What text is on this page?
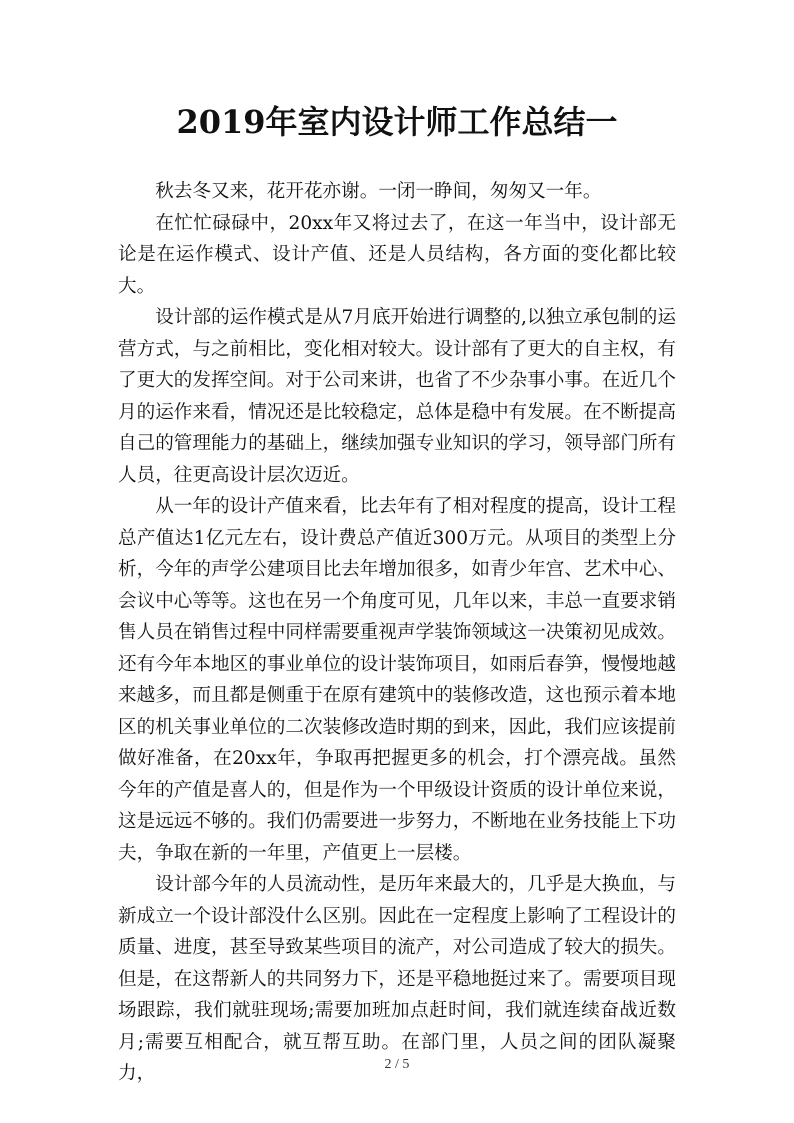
2019年室内设计师工作总结一

秋去冬又来，花开花亦谢。一闭一睁间，匆匆又一年。

在忙忙碌碌中，20xx年又将过去了，在这一年当中，设计部无论是在运作模式、设计产值、还是人员结构，各方面的变化都比较大。

设计部的运作模式是从7月底开始进行调整的,以独立承包制的运营方式，与之前相比，变化相对较大。设计部有了更大的自主权，有了更大的发挥空间。对于公司来讲，也省了不少杂事小事。在近几个月的运作来看，情况还是比较稳定，总体是稳中有发展。在不断提高自己的管理能力的基础上，继续加强专业知识的学习，领导部门所有人员，往更高设计层次迈近。

从一年的设计产值来看，比去年有了相对程度的提高，设计工程总产值达1亿元左右，设计费总产值近300万元。从项目的类型上分析，今年的声学公建项目比去年增加很多，如青少年宫、艺术中心、会议中心等等。这也在另一个角度可见，几年以来，丰总一直要求销售人员在销售过程中同样需要重视声学装饰领域这一决策初见成效。还有今年本地区的事业单位的设计装饰项目，如雨后春笋，慢慢地越来越多，而且都是侧重于在原有建筑中的装修改造，这也预示着本地区的机关事业单位的二次装修改造时期的到来，因此，我们应该提前做好准备，在20xx年，争取再把握更多的机会，打个漂亮战。虽然今年的产值是喜人的，但是作为一个甲级设计资质的设计单位来说，这是远远不够的。我们仍需要进一步努力，不断地在业务技能上下功夫，争取在新的一年里，产值更上一层楼。

设计部今年的人员流动性，是历年来最大的，几乎是大换血，与新成立一个设计部没什么区别。因此在一定程度上影响了工程设计的质量、进度，甚至导致某些项目的流产，对公司造成了较大的损失。但是，在这帮新人的共同努力下，还是平稳地挺过来了。需要项目现场跟踪，我们就驻现场;需要加班加点赶时间，我们就连续奋战近数月;需要互相配合，就互帮互助。在部门里，人员之间的团队凝聚力，	2 / 5
